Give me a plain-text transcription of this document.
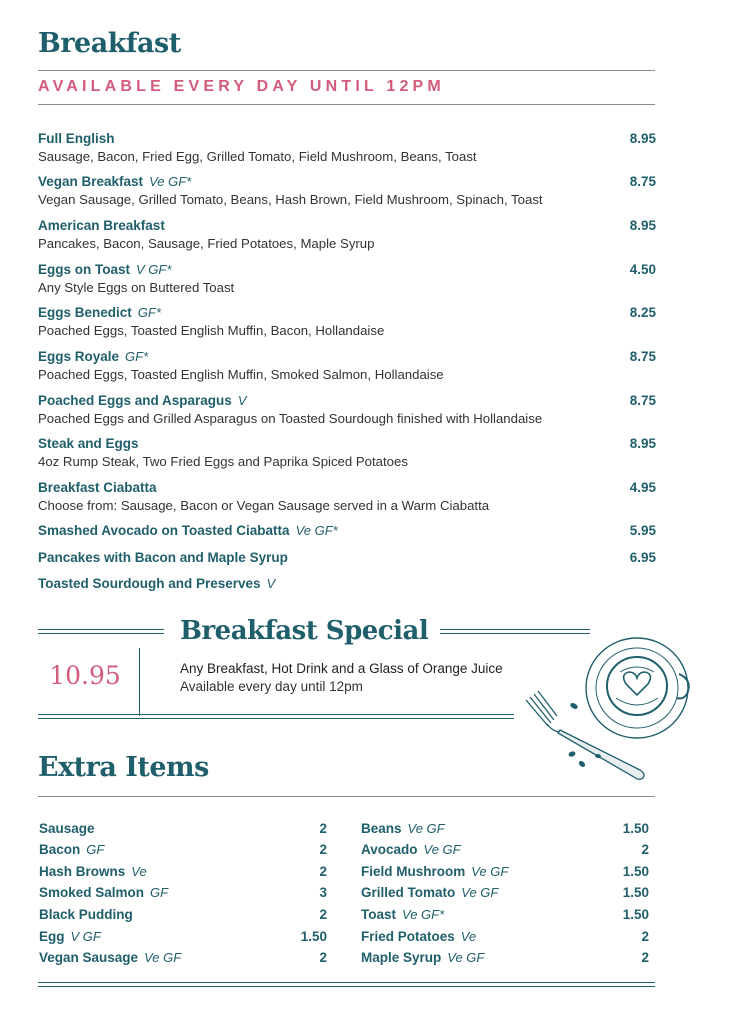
Breakfast
AVAILABLE EVERY DAY UNTIL 12PM
Full English	8.95
Sausage, Bacon, Fried Egg, Grilled Tomato, Field Mushroom, Beans, Toast
Vegan Breakfast Ve GF*	8.75
Vegan Sausage, Grilled Tomato, Beans, Hash Brown, Field Mushroom, Spinach, Toast
American Breakfast	8.95
Pancakes, Bacon, Sausage, Fried Potatoes, Maple Syrup
Eggs on Toast V GF*	4.50
Any Style Eggs on Buttered Toast
Eggs Benedict GF*	8.25
Poached Eggs, Toasted English Muffin, Bacon, Hollandaise
Eggs Royale GF*	8.75
Poached Eggs, Toasted English Muffin, Smoked Salmon, Hollandaise
Poached Eggs and Asparagus V	8.75
Poached Eggs and Grilled Asparagus on Toasted Sourdough finished with Hollandaise
Steak and Eggs	8.95
4oz Rump Steak, Two Fried Eggs and Paprika Spiced Potatoes
Breakfast Ciabatta	4.95
Choose from: Sausage, Bacon or Vegan Sausage served in a Warm Ciabatta
Smashed Avocado on Toasted Ciabatta Ve GF*	5.95
Pancakes with Bacon and Maple Syrup	6.95
Toasted Sourdough and Preserves V
Breakfast Special
10.95	Any Breakfast, Hot Drink and a Glass of Orange Juice
Available every day until 12pm
Extra Items
Sausage	2
Bacon GF	2
Hash Browns Ve	2
Smoked Salmon GF	3
Black Pudding	2
Egg V GF	1.50
Vegan Sausage Ve GF	2
Beans Ve GF	1.50
Avocado Ve GF	2
Field Mushroom Ve GF	1.50
Grilled Tomato Ve GF	1.50
Toast Ve GF*	1.50
Fried Potatoes Ve	2
Maple Syrup Ve GF	2
